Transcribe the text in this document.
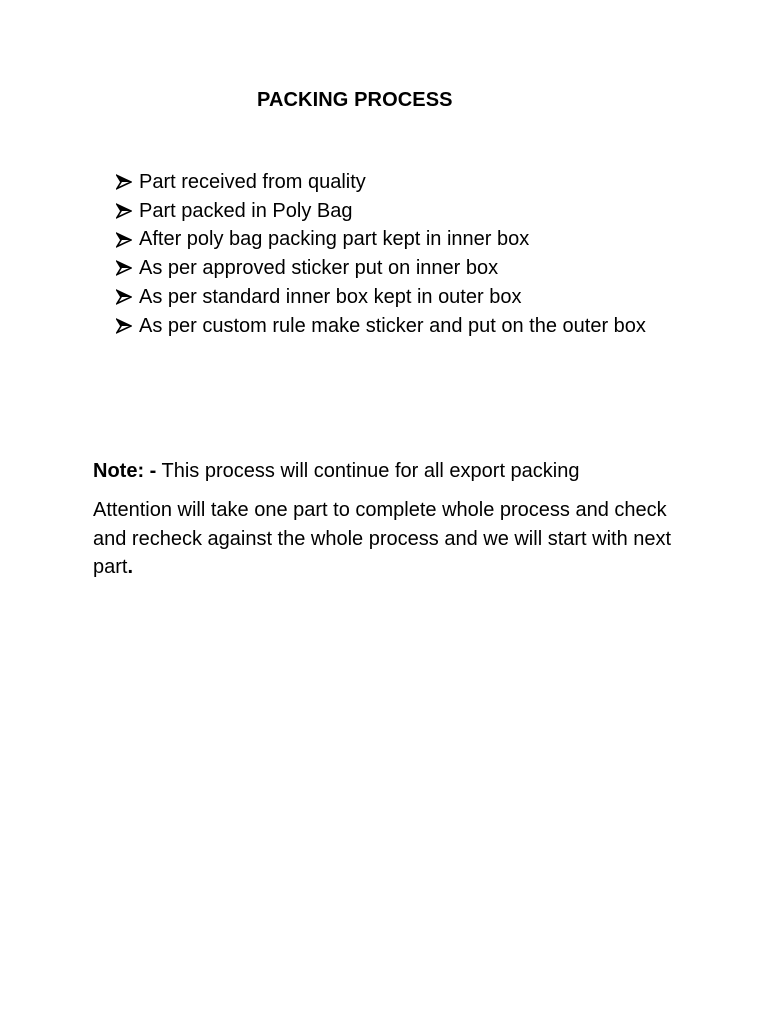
PACKING PROCESS
Part received from quality
Part packed in Poly Bag
After poly bag packing part kept in inner box
As per approved sticker put on inner box
As per standard inner box kept in outer box
As per custom rule make sticker and put on the outer box

Note: - This process will continue for all export packing

Attention will take one part to complete whole process and check and recheck against the whole process and we will start with next part.
